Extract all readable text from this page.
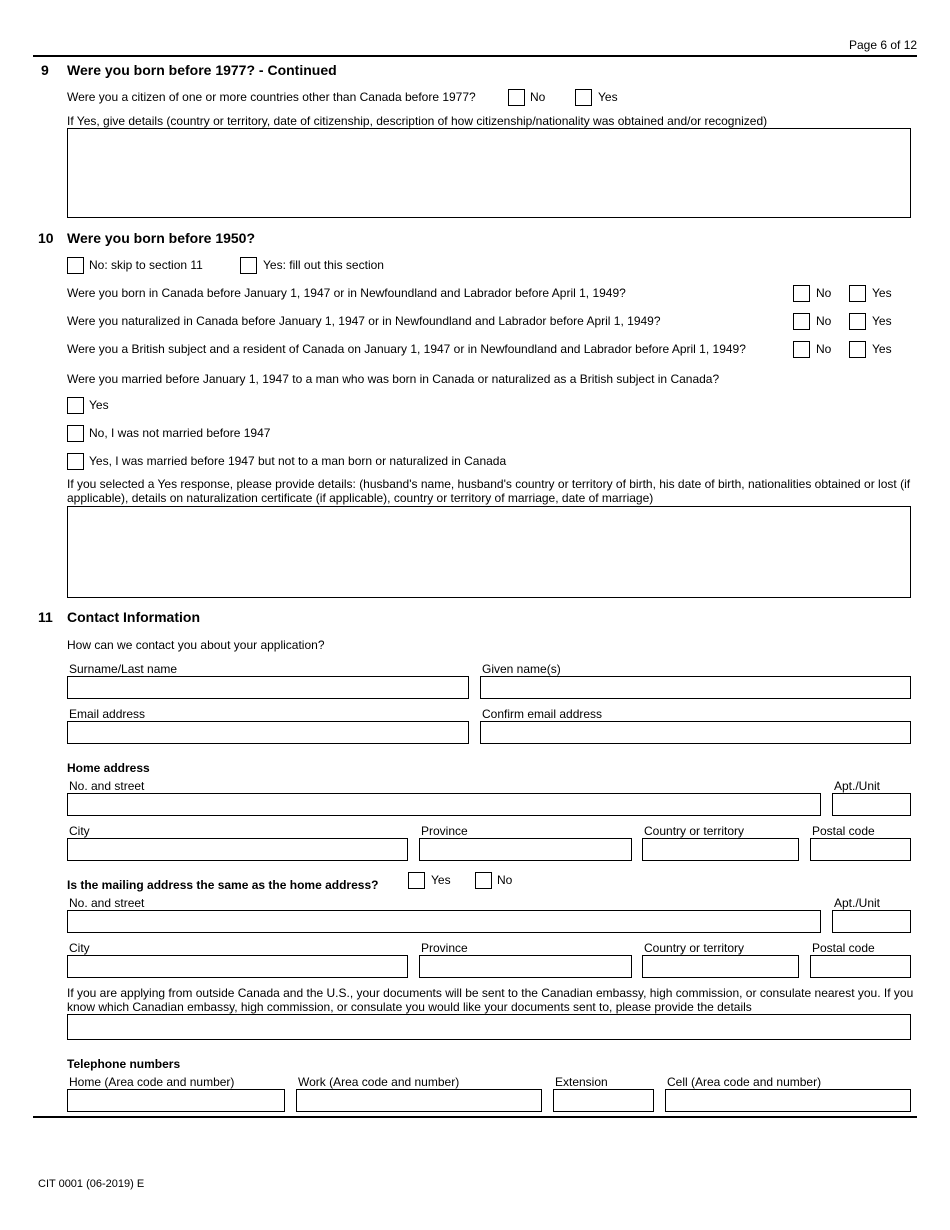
Page 6 of 12
9 Were you born before 1977? - Continued
Were you a citizen of one or more countries other than Canada before 1977?	No	Yes
If Yes, give details (country or territory, date of citizenship, description of how citizenship/nationality was obtained and/or recognized)
10 Were you born before 1950?
No: skip to section 11	Yes: fill out this section
Were you born in Canada before January 1, 1947 or in Newfoundland and Labrador before April 1, 1949?	No	Yes
Were you naturalized in Canada before January 1, 1947 or in Newfoundland and Labrador before April 1, 1949?	No	Yes
Were you a British subject and a resident of Canada on January 1, 1947 or in Newfoundland and Labrador before April 1, 1949?	No	Yes
Were you married before January 1, 1947 to a man who was born in Canada or naturalized as a British subject in Canada?
Yes
No, I was not married before 1947
Yes, I was married before 1947 but not to a man born or naturalized in Canada
If you selected a Yes response, please provide details: (husband's name, husband's country or territory of birth, his date of birth, nationalities obtained or lost (if applicable), details on naturalization certificate (if applicable), country or territory of marriage, date of marriage)
11 Contact Information
How can we contact you about your application?
Surname/Last name	Given name(s)
Email address	Confirm email address
Home address
No. and street	Apt./Unit
City	Province	Country or territory	Postal code
Is the mailing address the same as the home address?	Yes	No
No. and street	Apt./Unit
City	Province	Country or territory	Postal code
If you are applying from outside Canada and the U.S., your documents will be sent to the Canadian embassy, high commission, or consulate nearest you. If you know which Canadian embassy, high commission, or consulate you would like your documents sent to, please provide the details
Telephone numbers
Home (Area code and number)	Work (Area code and number)	Extension	Cell (Area code and number)
CIT 0001 (06-2019) E
